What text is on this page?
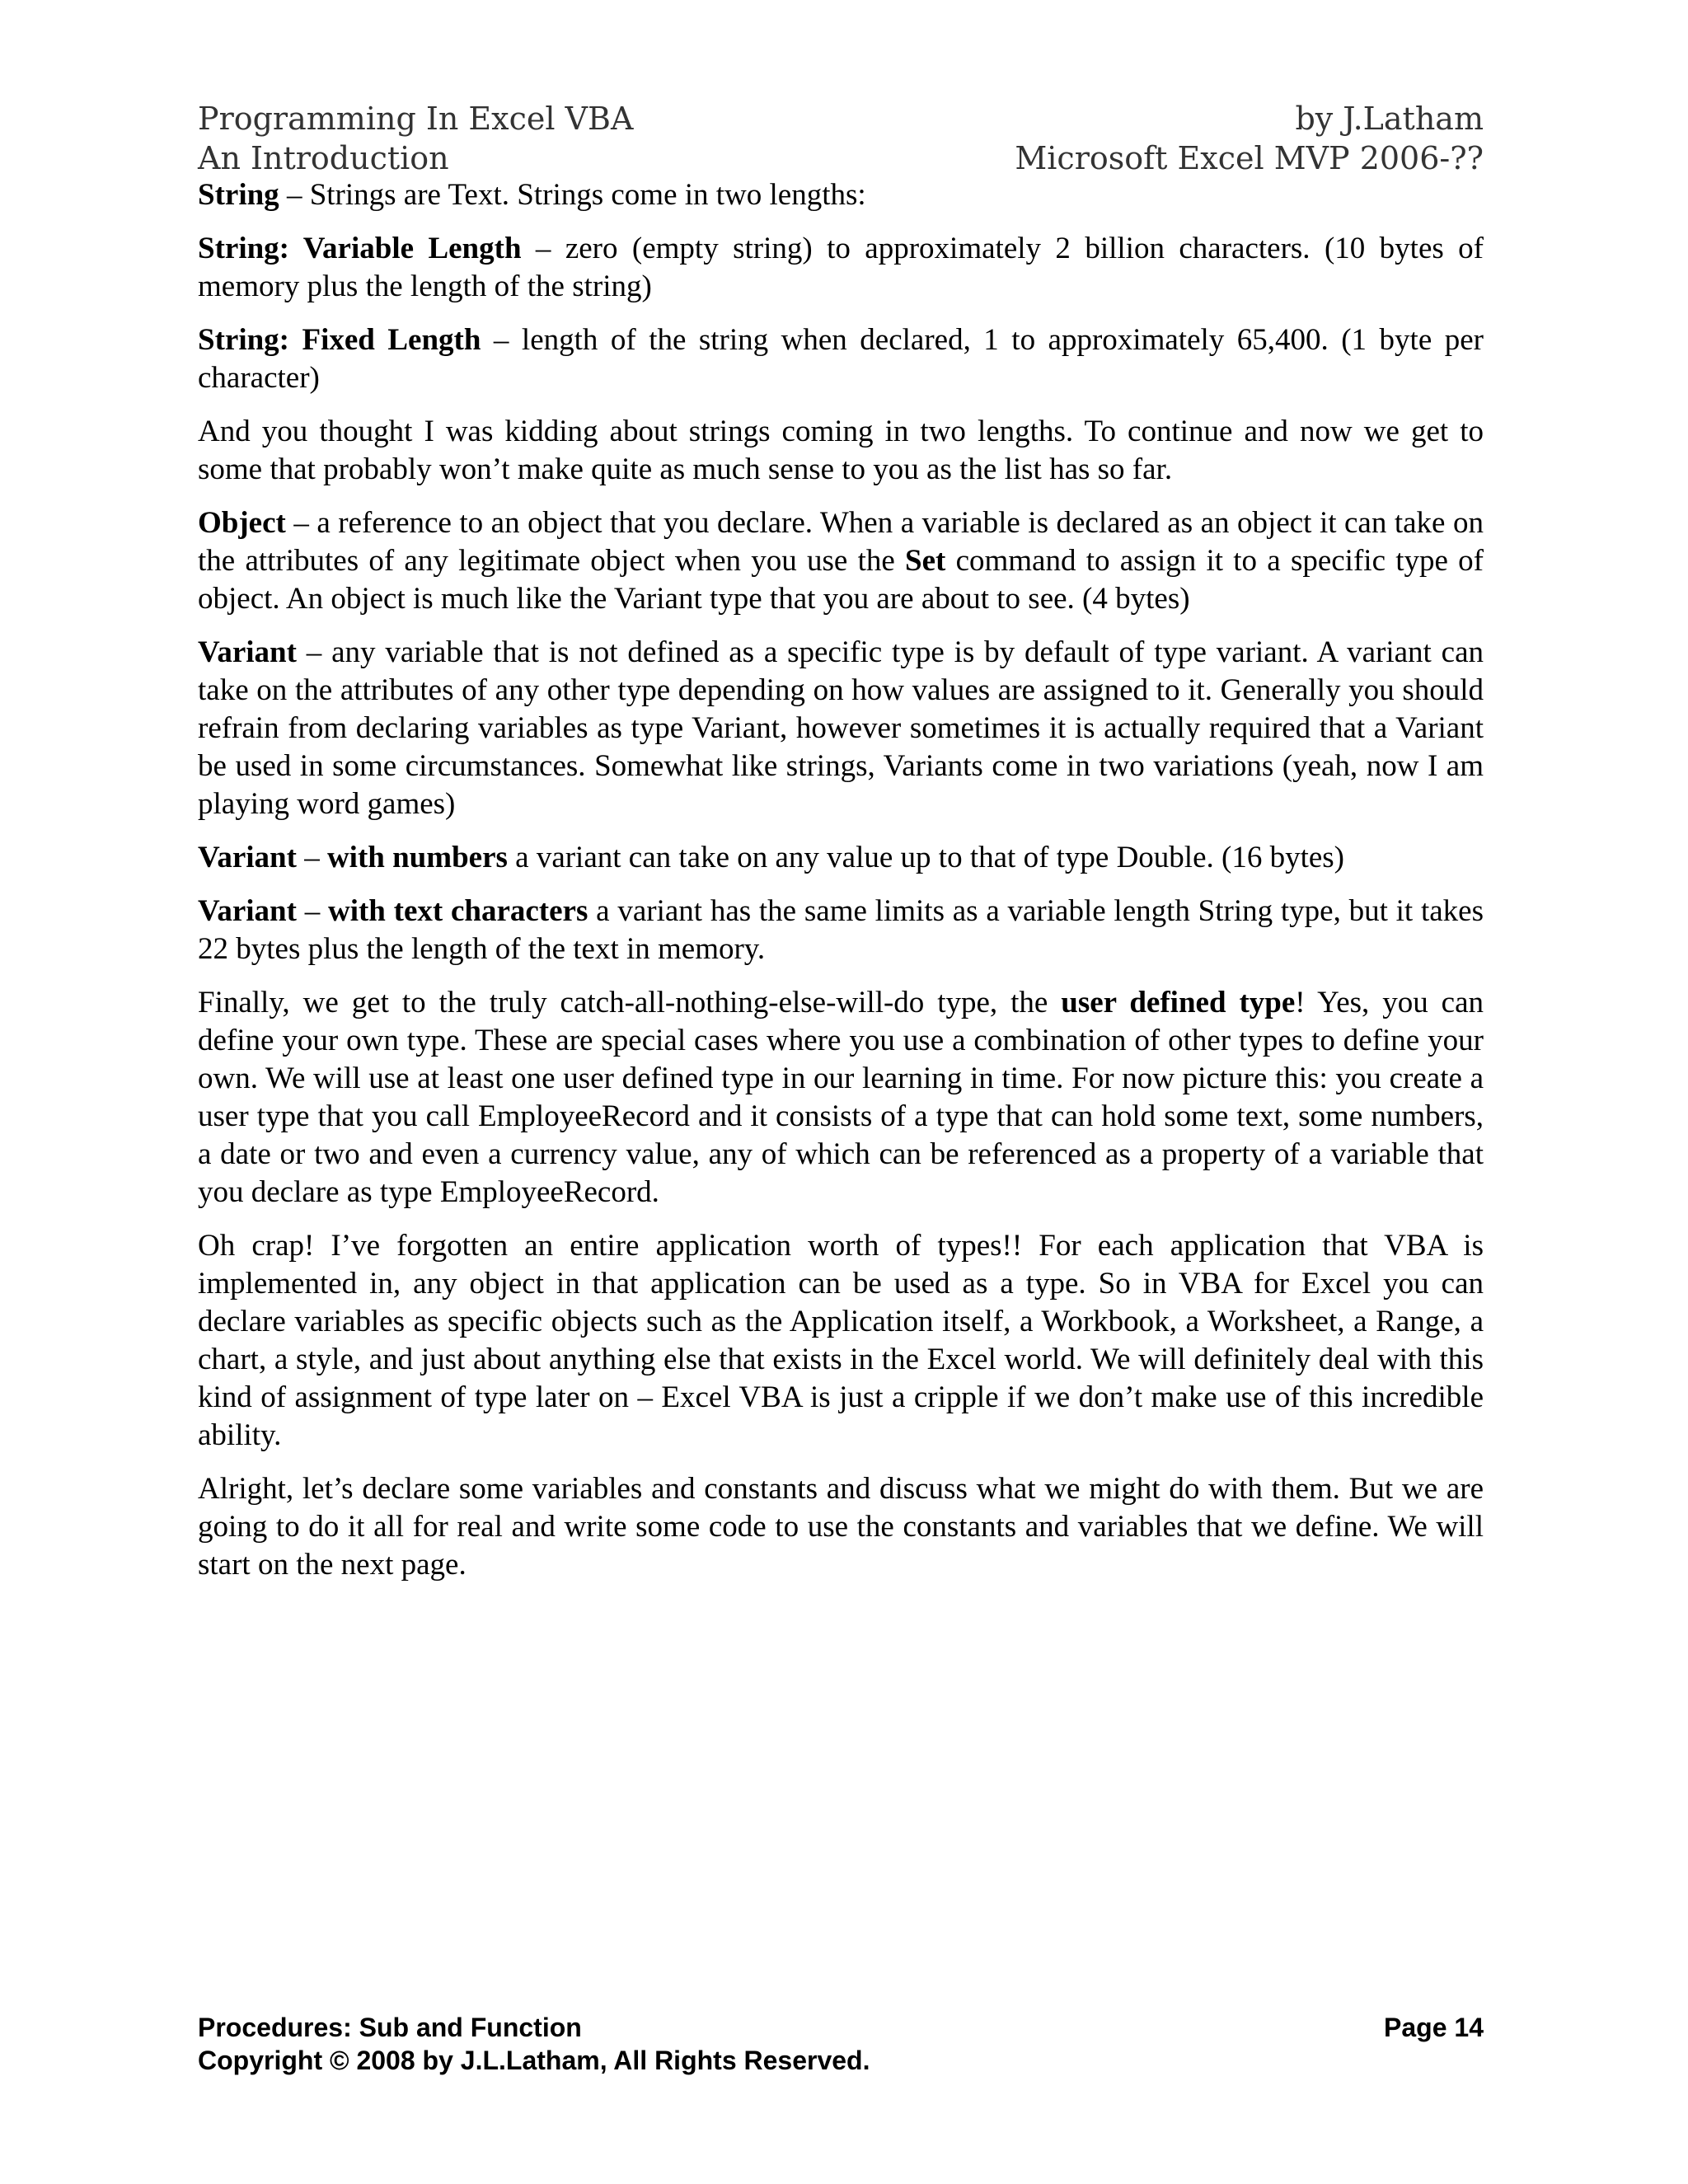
Programming In Excel VBA	by J.Latham
An Introduction	Microsoft Excel MVP 2006-??

String – Strings are Text. Strings come in two lengths:

String: Variable Length – zero (empty string) to approximately 2 billion characters. (10 bytes of memory plus the length of the string)

String: Fixed Length – length of the string when declared, 1 to approximately 65,400. (1 byte per character)

And you thought I was kidding about strings coming in two lengths. To continue and now we get to some that probably won’t make quite as much sense to you as the list has so far.

Object – a reference to an object that you declare. When a variable is declared as an object it can take on the attributes of any legitimate object when you use the Set command to assign it to a specific type of object. An object is much like the Variant type that you are about to see. (4 bytes)

Variant – any variable that is not defined as a specific type is by default of type variant. A variant can take on the attributes of any other type depending on how values are assigned to it. Generally you should refrain from declaring variables as type Variant, however sometimes it is actually required that a Variant be used in some circumstances. Somewhat like strings, Variants come in two variations (yeah, now I am playing word games)

Variant – with numbers a variant can take on any value up to that of type Double. (16 bytes)

Variant – with text characters a variant has the same limits as a variable length String type, but it takes 22 bytes plus the length of the text in memory.

Finally, we get to the truly catch-all-nothing-else-will-do type, the user defined type! Yes, you can define your own type. These are special cases where you use a combination of other types to define your own. We will use at least one user defined type in our learning in time. For now picture this: you create a user type that you call EmployeeRecord and it consists of a type that can hold some text, some numbers, a date or two and even a currency value, any of which can be referenced as a property of a variable that you declare as type EmployeeRecord.

Oh crap! I’ve forgotten an entire application worth of types!! For each application that VBA is implemented in, any object in that application can be used as a type. So in VBA for Excel you can declare variables as specific objects such as the Application itself, a Workbook, a Worksheet, a Range, a chart, a style, and just about anything else that exists in the Excel world. We will definitely deal with this kind of assignment of type later on – Excel VBA is just a cripple if we don’t make use of this incredible ability.

Alright, let’s declare some variables and constants and discuss what we might do with them. But we are going to do it all for real and write some code to use the constants and variables that we define. We will start on the next page.

Procedures: Sub and Function	Page 14
Copyright © 2008 by J.L.Latham, All Rights Reserved.
